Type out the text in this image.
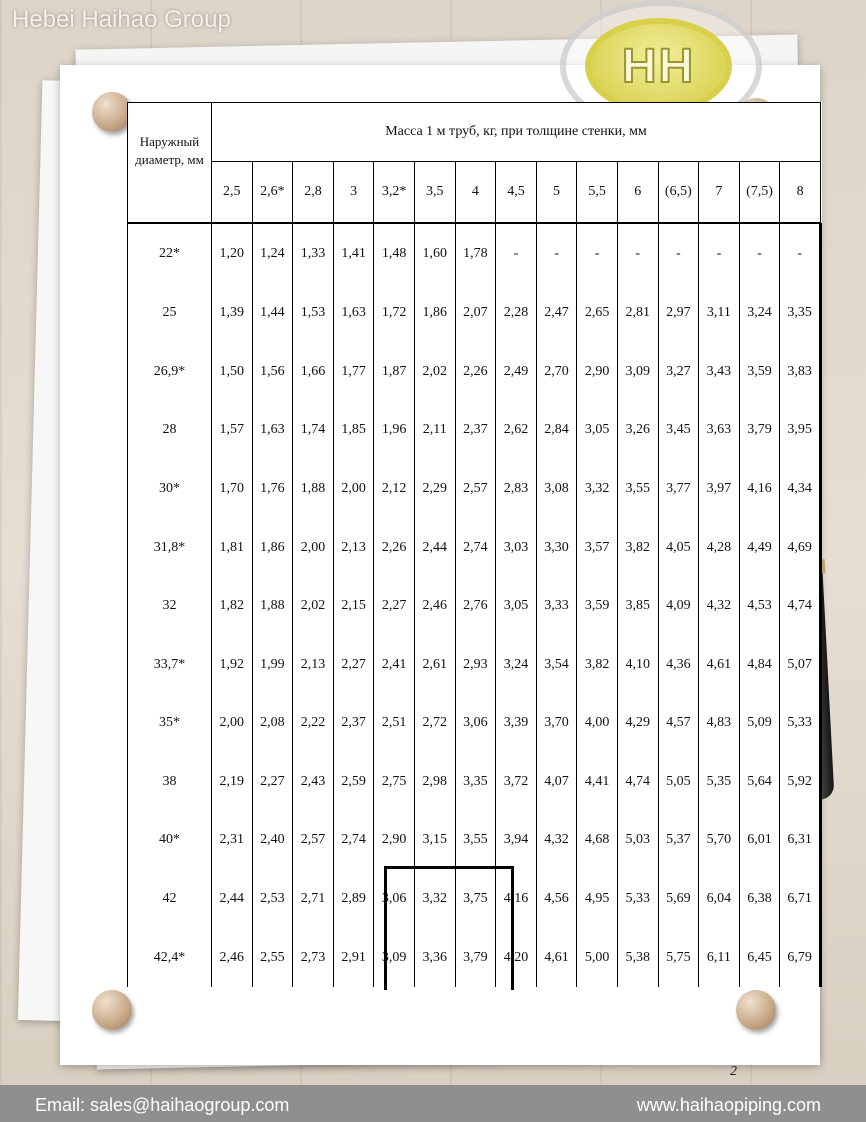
Hebei Haihao Group
HH
Наружный диаметр, мм	Масса 1 м труб, кг, при толщине стенки, мм														
	2,5	2,6*	2,8	3	3,2*	3,5	4	4,5	5	5,5	6	(6,5)	7	(7,5)	8

22*	1,20	1,24	1,33	1,41	1,48	1,60	1,78	-	-	-	-	-	-	-	-
25	1,39	1,44	1,53	1,63	1,72	1,86	2,07	2,28	2,47	2,65	2,81	2,97	3,11	3,24	3,35
26,9*	1,50	1,56	1,66	1,77	1,87	2,02	2,26	2,49	2,70	2,90	3,09	3,27	3,43	3,59	3,83
28	1,57	1,63	1,74	1,85	1,96	2,11	2,37	2,62	2,84	3,05	3,26	3,45	3,63	3,79	3,95
30*	1,70	1,76	1,88	2,00	2,12	2,29	2,57	2,83	3,08	3,32	3,55	3,77	3,97	4,16	4,34
31,8*	1,81	1,86	2,00	2,13	2,26	2,44	2,74	3,03	3,30	3,57	3,82	4,05	4,28	4,49	4,69
32	1,82	1,88	2,02	2,15	2,27	2,46	2,76	3,05	3,33	3,59	3,85	4,09	4,32	4,53	4,74
33,7*	1,92	1,99	2,13	2,27	2,41	2,61	2,93	3,24	3,54	3,82	4,10	4,36	4,61	4,84	5,07
35*	2,00	2,08	2,22	2,37	2,51	2,72	3,06	3,39	3,70	4,00	4,29	4,57	4,83	5,09	5,33
38	2,19	2,27	2,43	2,59	2,75	2,98	3,35	3,72	4,07	4,41	4,74	5,05	5,35	5,64	5,92
40*	2,31	2,40	2,57	2,74	2,90	3,15	3,55	3,94	4,32	4,68	5,03	5,37	5,70	6,01	6,31
42	2,44	2,53	2,71	2,89	3,06	3,32	3,75	4,16	4,56	4,95	5,33	5,69	6,04	6,38	6,71
42,4*	2,46	2,55	2,73	2,91	3,09	3,36	3,79	4,20	4,61	5,00	5,38	5,75	6,11	6,45	6,79
2
Email: sales@haihaogroup.com	www.haihaopiping.com
